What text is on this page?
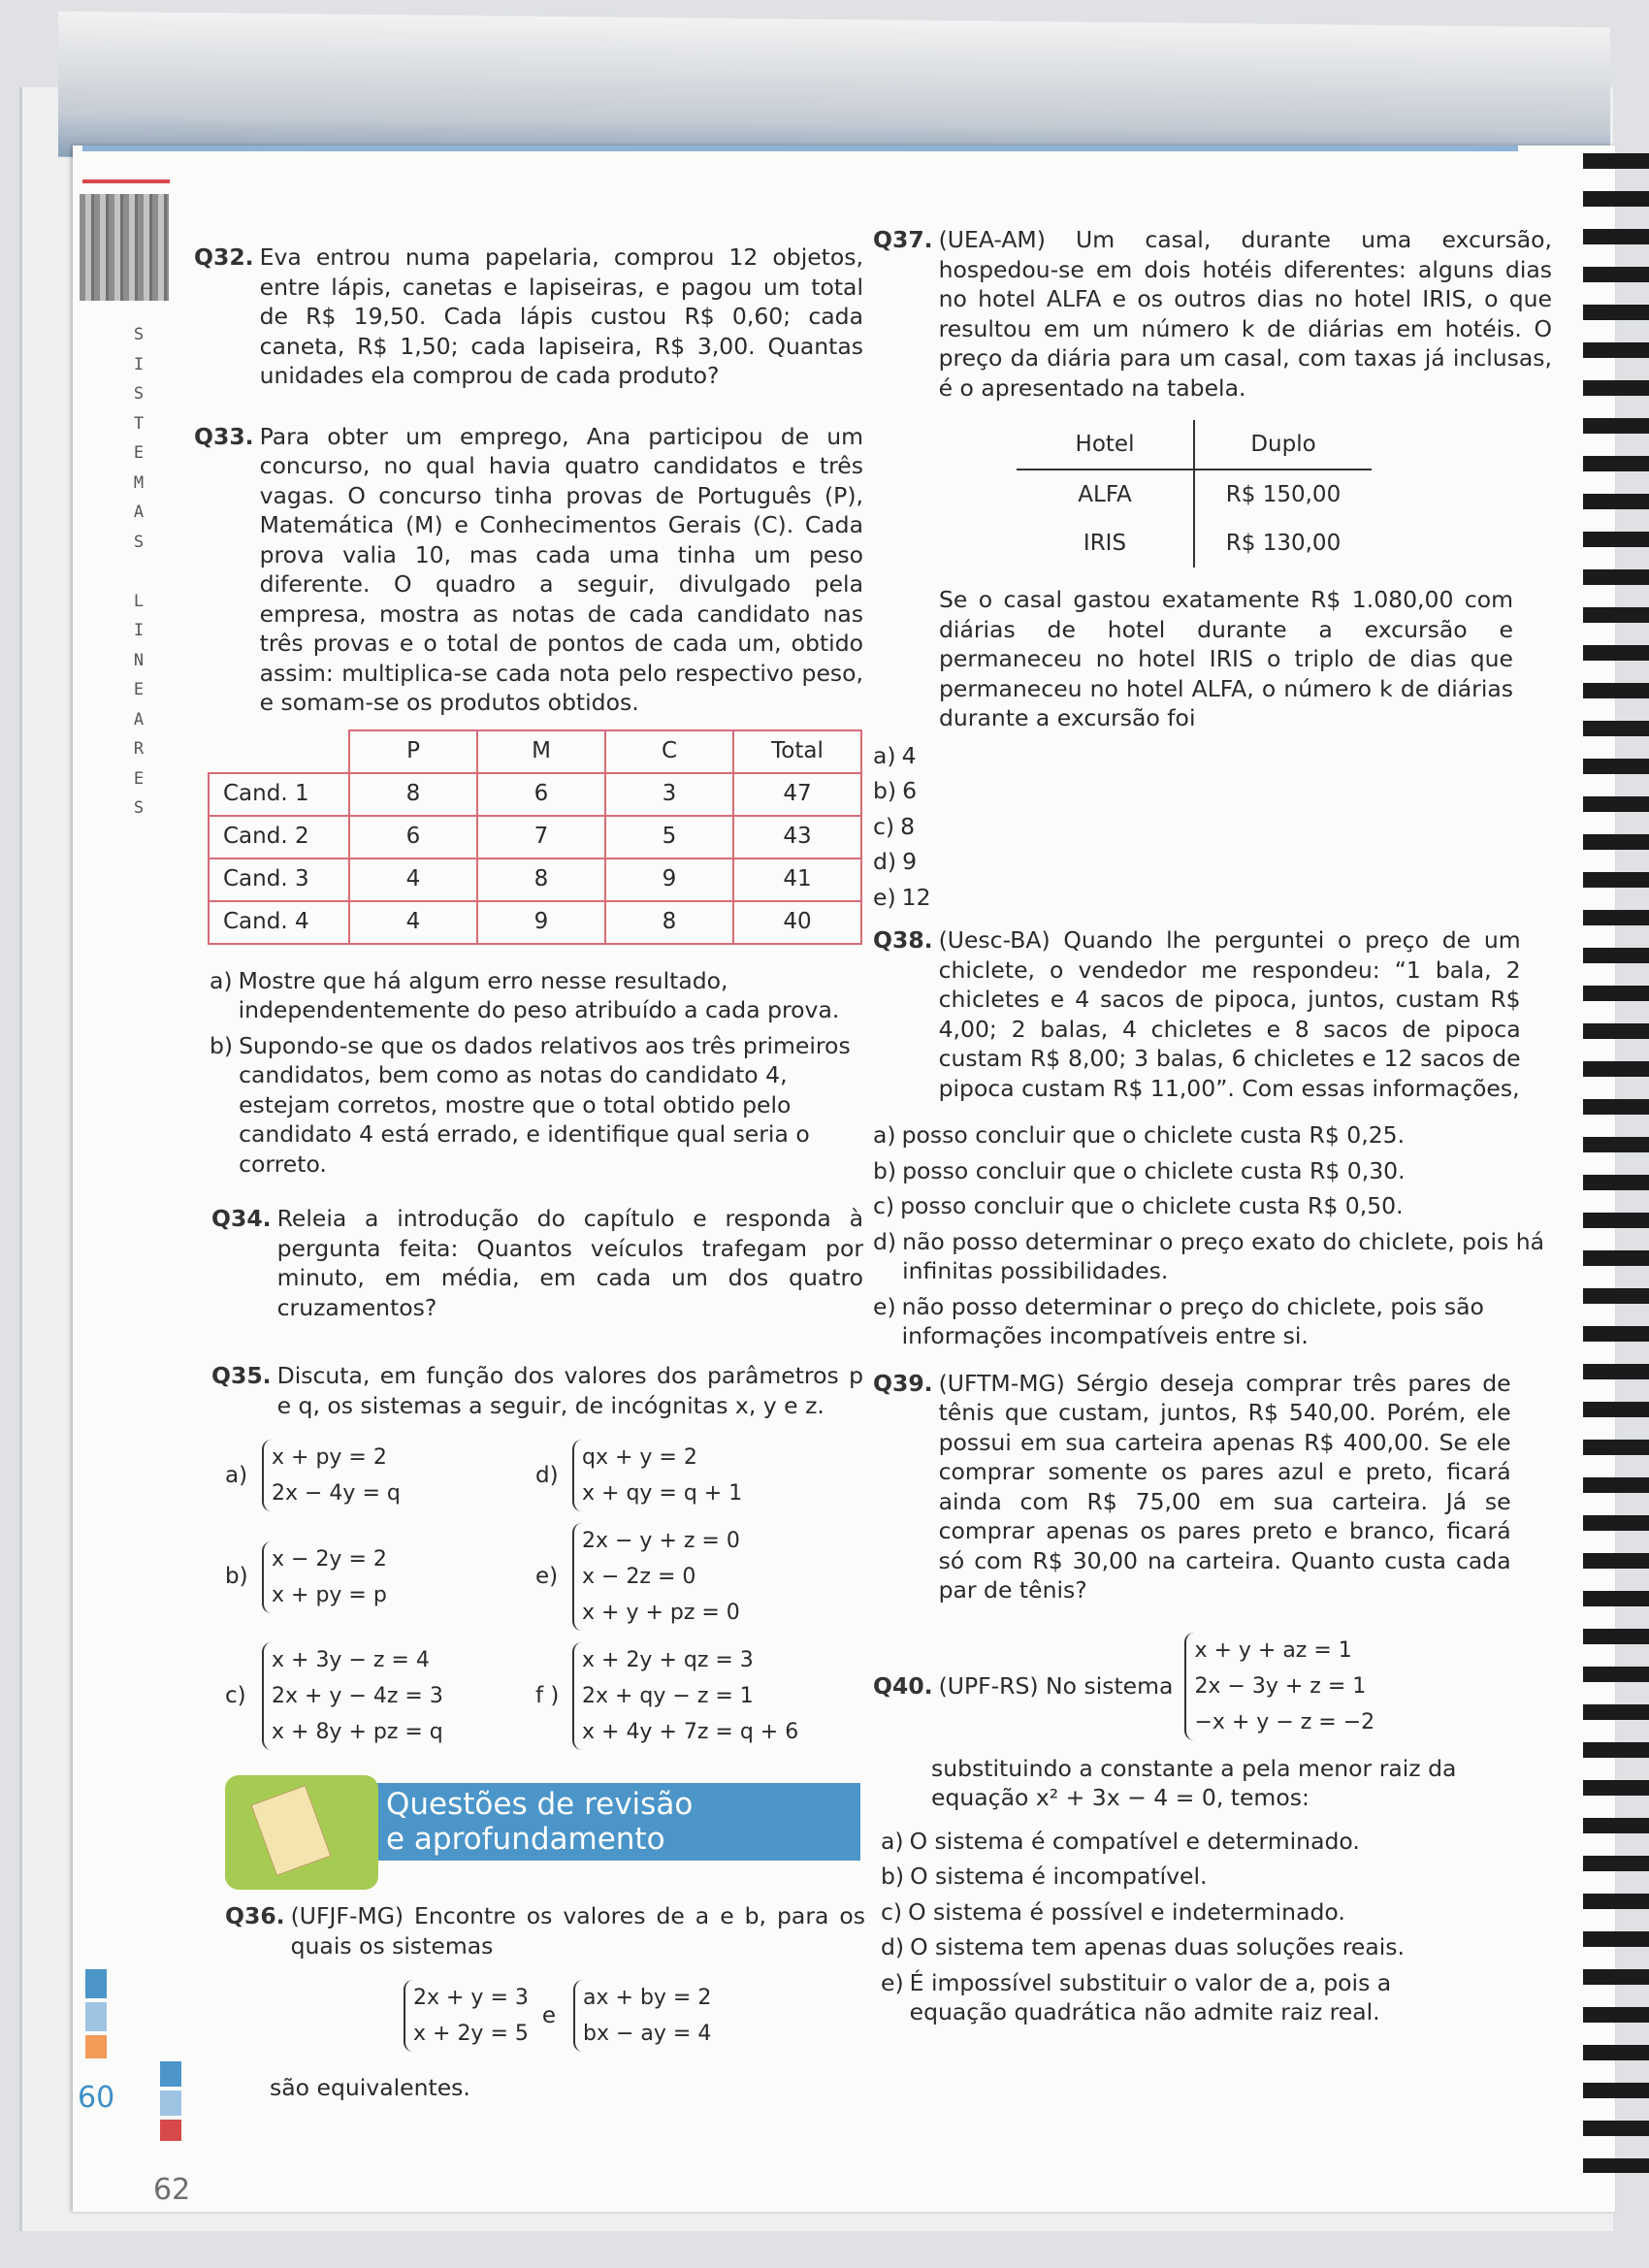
S
I
S
T
E
M
A
S

L
I
N
E
A
R
E
S
60
62
Q32. Eva entrou numa papelaria, comprou 12 objetos, entre lápis, canetas e lapiseiras, e pagou um total de R$ 19,50. Cada lápis custou R$ 0,60; cada caneta, R$ 1,50; cada lapiseira, R$ 3,00. Quantas unidades ela comprou de cada produto?
Q33. Para obter um emprego, Ana participou de um concurso, no qual havia quatro candidatos e três vagas. O concurso tinha provas de Português (P), Matemática (M) e Conhecimentos Gerais (C). Cada prova valia 10, mas cada uma tinha um peso diferente. O quadro a seguir, divulgado pela empresa, mostra as notas de cada candidato nas três provas e o total de pontos de cada um, obtido assim: multiplica-se cada nota pelo respectivo peso, e somam-se os produtos obtidos.
	P	M	C	Total
Cand. 1	8	6	3	47
Cand. 2	6	7	5	43
Cand. 3	4	8	9	41
Cand. 4	4	9	8	40
a) Mostre que há algum erro nesse resultado, independentemente do peso atribuído a cada prova.
b) Supondo-se que os dados relativos aos três primeiros candidatos, bem como as notas do candidato 4, estejam corretos, mostre que o total obtido pelo candidato 4 está errado, e identifique qual seria o correto.
Q34. Releia a introdução do capítulo e responda à pergunta feita: Quantos veículos trafegam por minuto, em média, em cada um dos quatro cruzamentos?
Q35. Discuta, em função dos valores dos parâmetros p e q, os sistemas a seguir, de incógnitas x, y e z.
a)
x + py = 2
2x − 4y = q
d)
qx + y = 2
x + qy = q + 1
b)
x − 2y = 2
x + py = p
e)
2x − y + z = 0
x − 2z = 0
x + y + pz = 0
c)
x + 3y − z = 4
2x + y − 4z = 3
x + 8y + pz = q
f )
x + 2y + qz = 3
2x + qy − z = 1
x + 4y + 7z = q + 6
Questões de revisão
e aprofundamento
Q36. (UFJF-MG) Encontre os valores de a e b, para os quais os sistemas
2x + y = 3
x + 2y = 5
e
ax + by = 2
bx − ay = 4
são equivalentes.
Q37. (UEA-AM) Um casal, durante uma excursão, hospedou-se em dois hotéis diferentes: alguns dias no hotel ALFA e os outros dias no hotel IRIS, o que resultou em um número k de diárias em hotéis. O preço da diária para um casal, com taxas já inclusas, é o apresentado na tabela.
Hotel	Duplo
ALFA	R$ 150,00
IRIS	R$ 130,00
Se o casal gastou exatamente R$ 1.080,00 com diárias de hotel durante a excursão e permaneceu no hotel IRIS o triplo de dias que permaneceu no hotel ALFA, o número k de diárias durante a excursão foi
a) 4
b) 6
c) 8
d) 9
e) 12
Q38. (Uesc-BA) Quando lhe perguntei o preço de um chiclete, o vendedor me respondeu: “1 bala, 2 chicletes e 4 sacos de pipoca, juntos, custam R$ 4,00; 2 balas, 4 chicletes e 8 sacos de pipoca custam R$ 8,00; 3 balas, 6 chicletes e 12 sacos de pipoca custam R$ 11,00”. Com essas informações,
a) posso concluir que o chiclete custa R$ 0,25.
b) posso concluir que o chiclete custa R$ 0,30.
c) posso concluir que o chiclete custa R$ 0,50.
d) não posso determinar o preço exato do chiclete, pois há infinitas possibilidades.
e) não posso determinar o preço do chiclete, pois são informações incompatíveis entre si.
Q39. (UFTM-MG) Sérgio deseja comprar três pares de tênis que custam, juntos, R$ 540,00. Porém, ele possui em sua carteira apenas R$ 400,00. Se ele comprar somente os pares azul e preto, ficará ainda com R$ 75,00 em sua carteira. Já se comprar apenas os pares preto e branco, ficará só com R$ 30,00 na carteira. Quanto custa cada par de tênis?
Q40. (UPF-RS) No sistema
x + y + az = 1
2x − 3y + z = 1
−x + y − z = −2
substituindo a constante a pela menor raiz da equação x² + 3x − 4 = 0, temos:
a) O sistema é compatível e determinado.
b) O sistema é incompatível.
c) O sistema é possível e indeterminado.
d) O sistema tem apenas duas soluções reais.
e) É impossível substituir o valor de a, pois a equação quadrática não admite raiz real.
